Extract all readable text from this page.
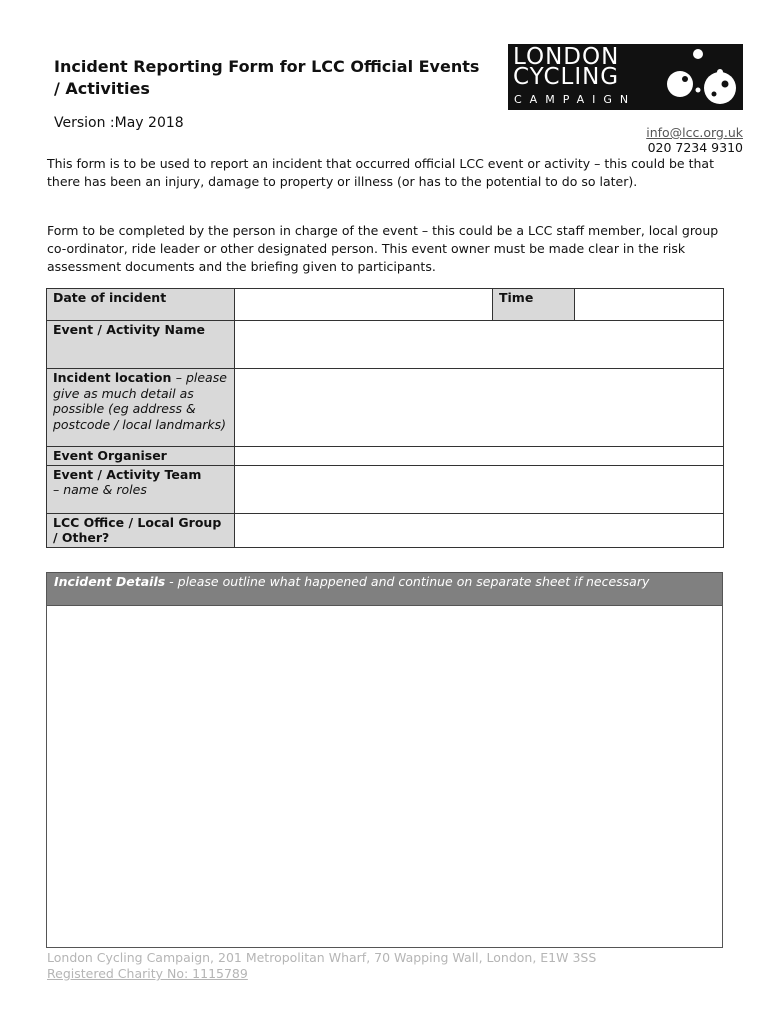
Incident Reporting Form for LCC Official Events / Activities
Version :May 2018
LONDON
CYCLING
CAMPAIGN
info@lcc.org.uk
020 7234 9310

This form is to be used to report an incident that occurred official LCC event or activity – this could be that there has been an injury, damage to property or illness (or has to the potential to do so later).

Form to be completed by the person in charge of the event – this could be a LCC staff member, local group co-ordinator, ride leader or other designated person. This event owner must be made clear in the risk assessment documents and the briefing given to participants.

Date of incident		Time	
Event / Activity Name			
Incident location – please give as much detail as possible (eg address & postcode / local landmarks)			
Event Organiser			

Event / Activity Team
– name & roles			

LCC Office / Local Group / Other?			
Incident Details - please outline what happened and continue on separate sheet if necessary
London Cycling Campaign, 201 Metropolitan Wharf, 70 Wapping Wall, London, E1W 3SS
Registered Charity No: 1115789
